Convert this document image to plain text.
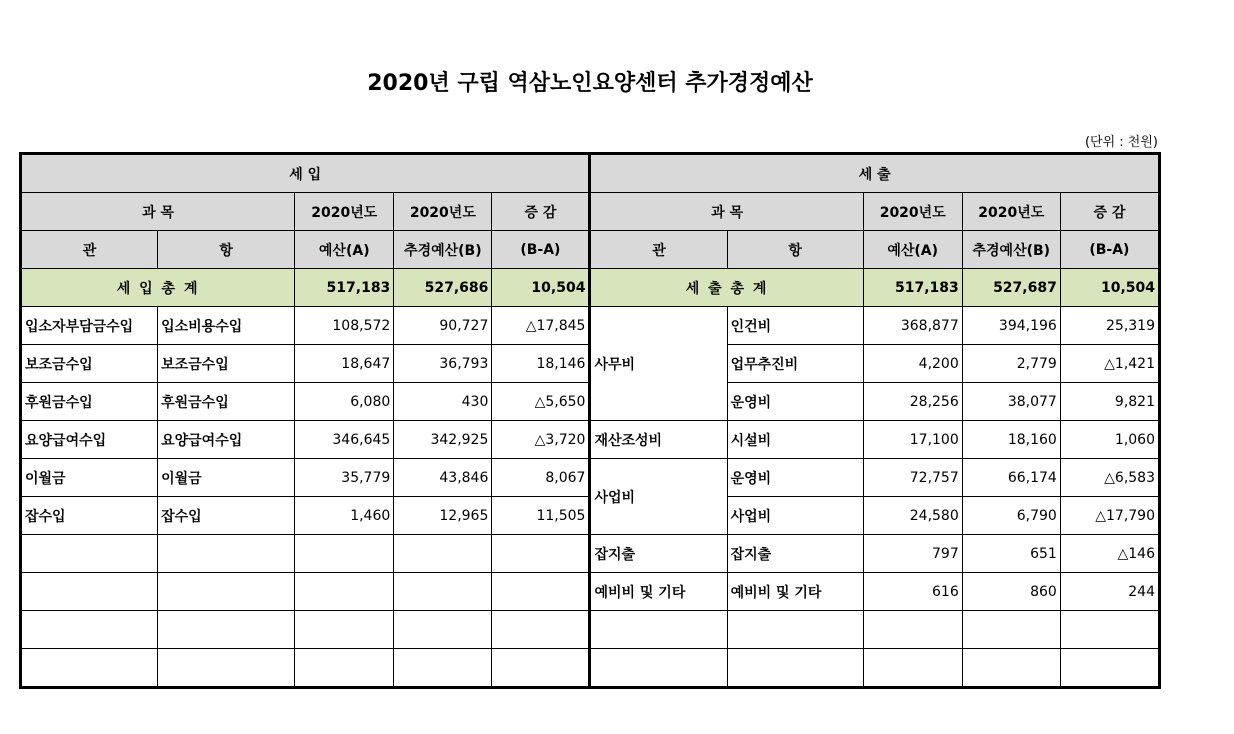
2020년 구립 역삼노인요양센터 추가경정예산
(단위 : 천원)
세 입					세 출				
과 목		2020년도	2020년도	증 감	과 목		2020년도	2020년도	증 감
관	항	예산(A)	추경예산(B)	(B-A)	관	항	예산(A)	추경예산(B)	(B-A)
세 입 총 계		517,183	527,686	10,504	세 출 총 계		517,183	527,687	10,504
입소자부담금수입	입소비용수입	108,572	90,727	△17,845	사무비	인건비	368,877	394,196	25,319
보조금수입	보조금수입	18,647	36,793	18,146		업무추진비	4,200	2,779	△1,421
후원금수입	후원금수입	6,080	430	△5,650		운영비	28,256	38,077	9,821
요양급여수입	요양급여수입	346,645	342,925	△3,720	재산조성비	시설비	17,100	18,160	1,060
이월금	이월금	35,779	43,846	8,067	사업비	운영비	72,757	66,174	△6,583
잡수입	잡수입	1,460	12,965	11,505		사업비	24,580	6,790	△17,790
					잡지출	잡지출	797	651	△146
					예비비 및 기타	예비비 및 기타	616	860	244
